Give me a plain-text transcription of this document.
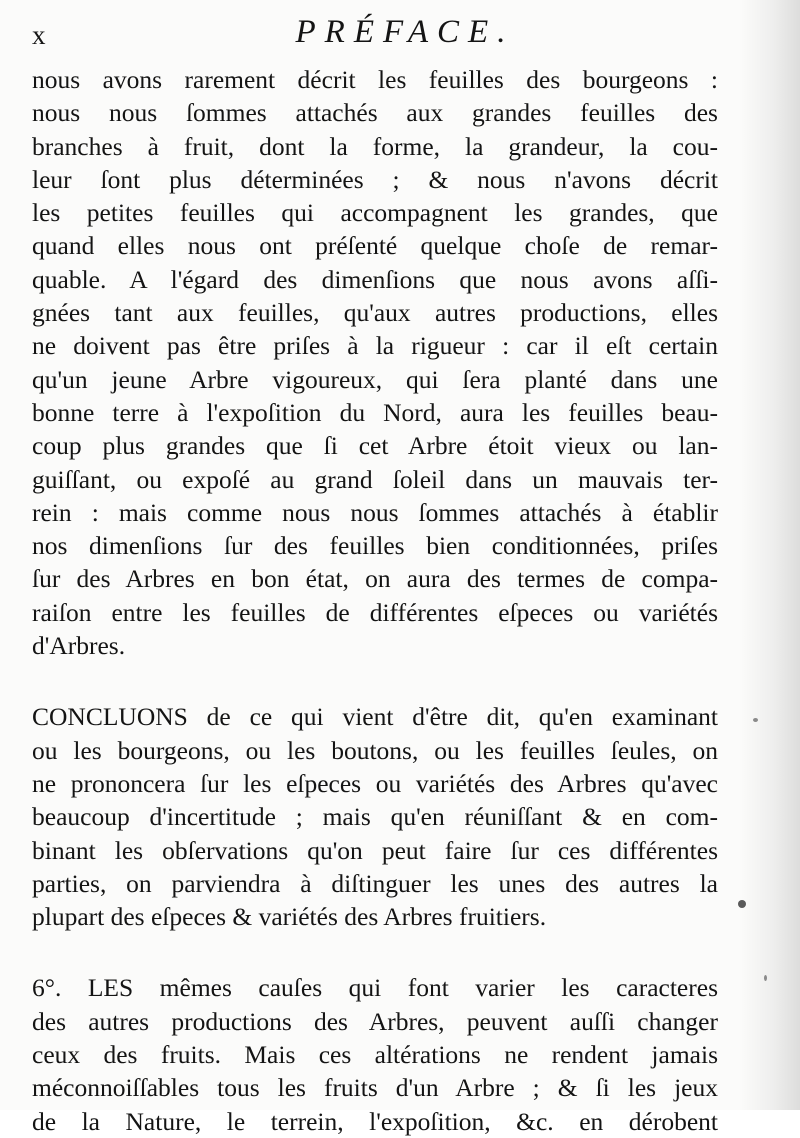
x	PRÉFACE.
nous avons rarement décrit les feuilles des bourgeons :
nous nous ſommes attachés aux grandes feuilles des
branches à fruit, dont la forme, la grandeur, la cou-
leur ſont plus déterminées ; & nous n'avons décrit
les petites feuilles qui accompagnent les grandes, que
quand elles nous ont préſenté quelque choſe de remar-
quable. A l'égard des dimenſions que nous avons aſſi-
gnées tant aux feuilles, qu'aux autres productions, elles
ne doivent pas être priſes à la rigueur : car il eſt certain
qu'un jeune Arbre vigoureux, qui ſera planté dans une
bonne terre à l'expoſition du Nord, aura les feuilles beau-
coup plus grandes que ſi cet Arbre étoit vieux ou lan-
guiſſant, ou expoſé au grand ſoleil dans un mauvais ter-
rein : mais comme nous nous ſommes attachés à établir
nos dimenſions ſur des feuilles bien conditionnées, priſes
ſur des Arbres en bon état, on aura des termes de compa-
raiſon entre les feuilles de différentes eſpeces ou variétés
d'Arbres.
CONCLUONS de ce qui vient d'être dit, qu'en examinant
ou les bourgeons, ou les boutons, ou les feuilles ſeules, on
ne prononcera ſur les eſpeces ou variétés des Arbres qu'avec
beaucoup d'incertitude ; mais qu'en réuniſſant & en com-
binant les obſervations qu'on peut faire ſur ces différentes
parties, on parviendra à diſtinguer les unes des autres la
plupart des eſpeces & variétés des Arbres fruitiers.
6°. LES mêmes cauſes qui font varier les caracteres
des autres productions des Arbres, peuvent auſſi changer
ceux des fruits. Mais ces altérations ne rendent jamais
méconnoiſſables tous les fruits d'un Arbre ; & ſi les jeux
de la Nature, le terrein, l'expoſition, &c. en dérobent
